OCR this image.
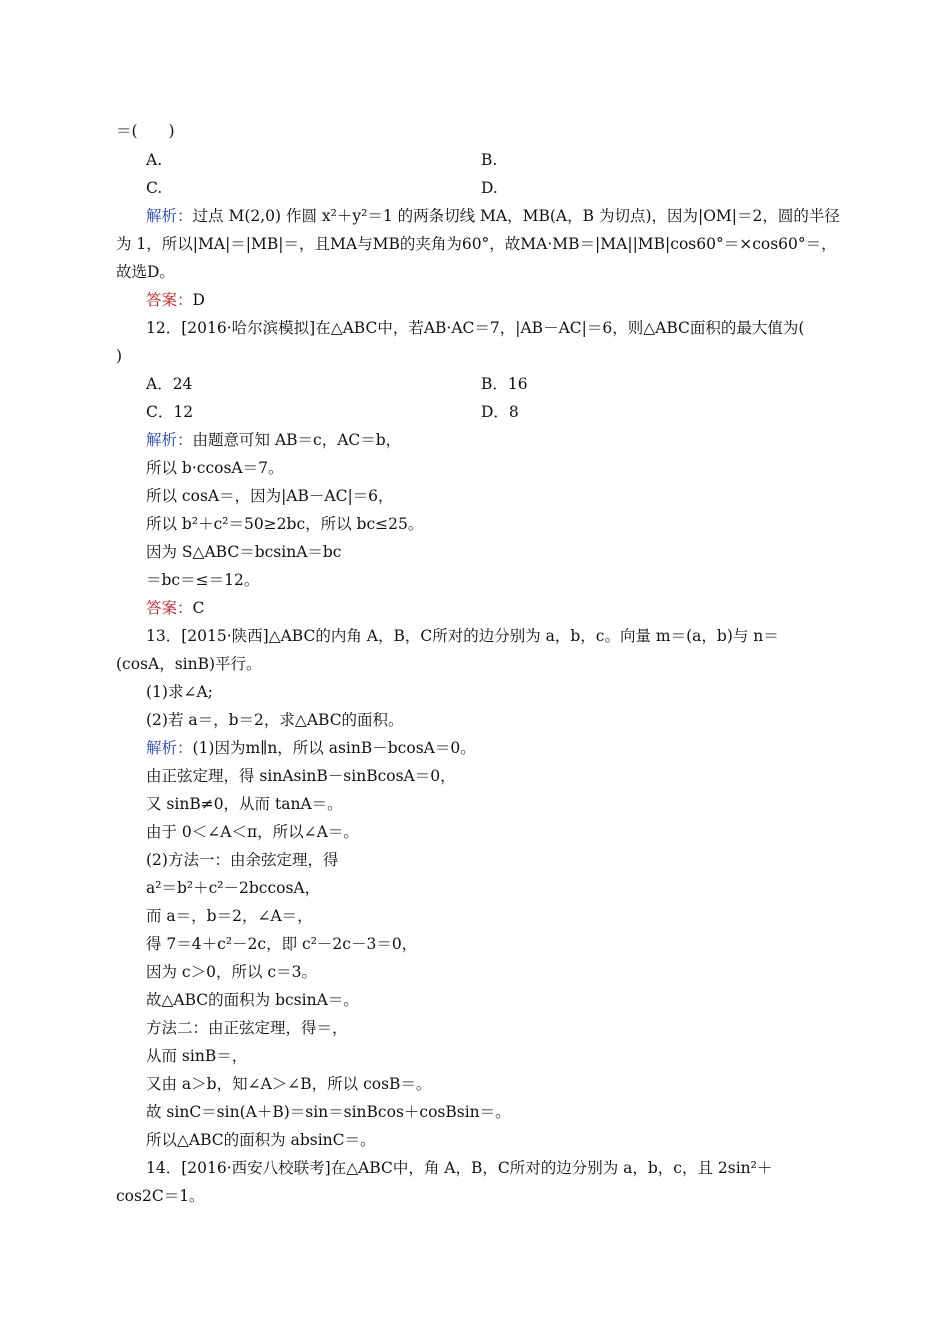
＝(　　)
A.	B.
C.	D.
解析：过点 M(2,0) 作圆 x²＋y²＝1 的两条切线 MA，MB(A，B 为切点)，因为|OM|＝2，圆的半径
为 1，所以|MA|＝|MB|＝，且MA与MB的夹角为60°，故MA·MB＝|MA||MB|cos60°＝×cos60°＝，
故选D。
答案：D
12．[2016·哈尔滨模拟]在△ABC中，若AB·AC＝7，|AB－AC|＝6，则△ABC面积的最大值为(
)
A．24	B．16
C．12	D．8
解析：由题意可知 AB＝c，AC＝b，
所以 b·ccosA＝7。
所以 cosA＝，因为|AB－AC|＝6，
所以 b²＋c²＝50≥2bc，所以 bc≤25。
因为 S△ABC＝bcsinA＝bc
＝bc＝≤＝12。
答案：C
13．[2015·陕西]△ABC的内角 A，B，C所对的边分别为 a，b，c。向量 m＝(a，b)与 n＝
(cosA，sinB)平行。
(1)求∠A;
(2)若 a＝，b＝2，求△ABC的面积。
解析：(1)因为m∥n，所以 asinB－bcosA＝0。
由正弦定理，得 sinAsinB－sinBcosA＝0，
又 sinB≠0，从而 tanA＝。
由于 0＜∠A＜π，所以∠A＝。
(2)方法一：由余弦定理，得
a²＝b²＋c²－2bccosA，
而 a＝，b＝2，∠A＝，
得 7＝4＋c²－2c，即 c²－2c－3＝0，
因为 c＞0，所以 c＝3。
故△ABC的面积为 bcsinA＝。
方法二：由正弦定理，得＝，
从而 sinB＝，
又由 a＞b，知∠A＞∠B，所以 cosB＝。
故 sinC＝sin(A＋B)＝sin＝sinBcos＋cosBsin＝。
所以△ABC的面积为 absinC＝。
14．[2016·西安八校联考]在△ABC中，角 A，B，C所对的边分别为 a，b，c，且 2sin²＋
cos2C＝1。
